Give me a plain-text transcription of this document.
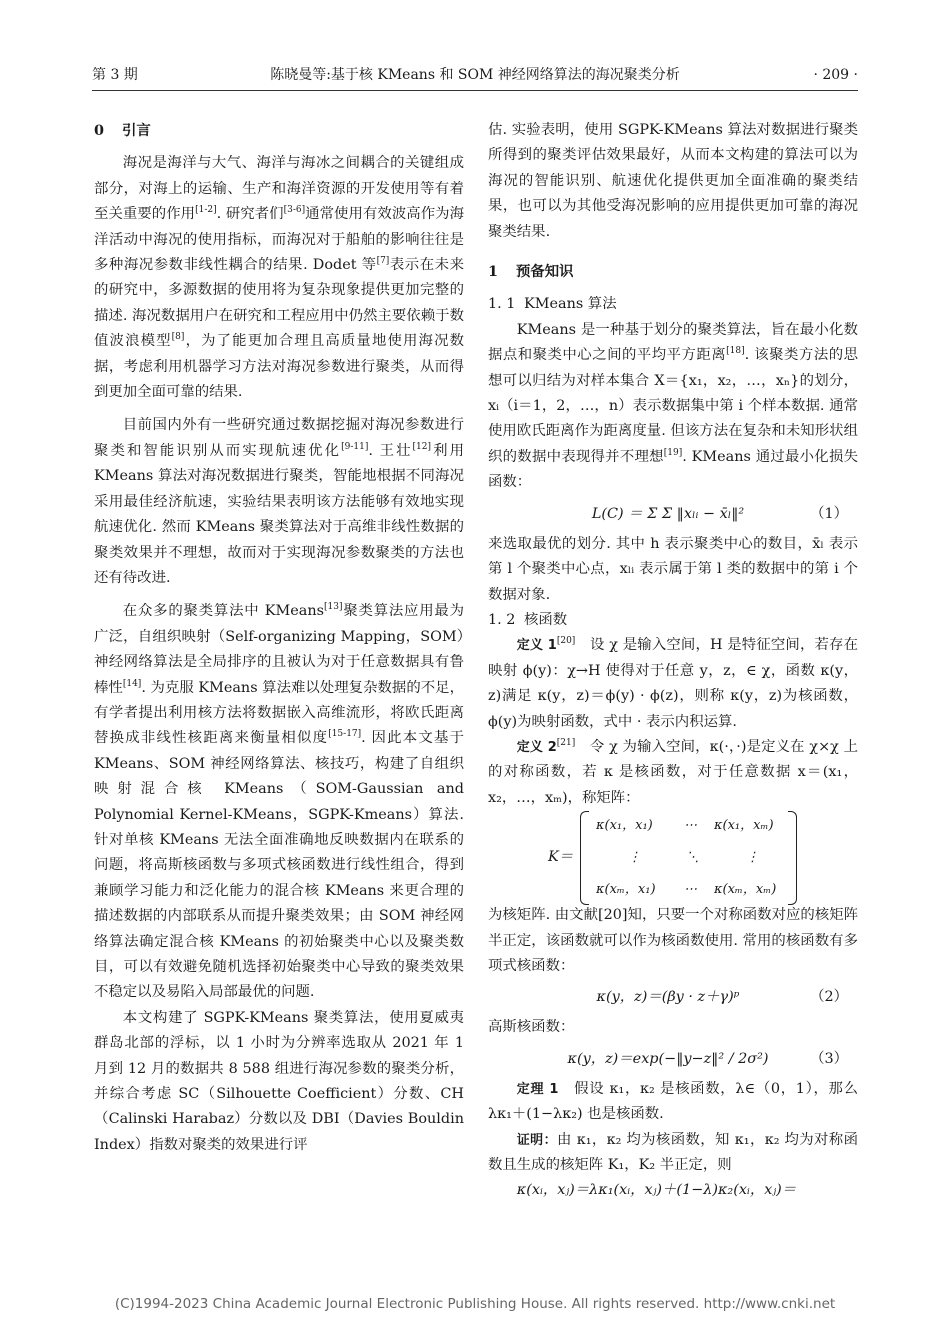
第 3 期	陈晓曼等:基于核 KMeans 和 SOM 神经网络算法的海况聚类分析	· 209 ·
0 引言

海况是海洋与大气、海洋与海冰之间耦合的关键组成部分，对海上的运输、生产和海洋资源的开发使用等有着至关重要的作用[1-2]. 研究者们[3-6]通常使用有效波高作为海洋活动中海况的使用指标，而海况对于船舶的影响往往是多种海况参数非线性耦合的结果. Dodet 等[7]表示在未来的研究中，多源数据的使用将为复杂现象提供更加完整的描述. 海况数据用户在研究和工程应用中仍然主要依赖于数值波浪模型[8]，为了能更加合理且高质量地使用海况数据，考虑利用机器学习方法对海况参数进行聚类，从而得到更加全面可靠的结果.

目前国内外有一些研究通过数据挖掘对海况参数进行聚类和智能识别从而实现航速优化[9-11]. 王壮[12]利用 KMeans 算法对海况数据进行聚类，智能地根据不同海况采用最佳经济航速，实验结果表明该方法能够有效地实现航速优化. 然而 KMeans 聚类算法对于高维非线性数据的聚类效果并不理想，故而对于实现海况参数聚类的方法也还有待改进.

在众多的聚类算法中 KMeans[13]聚类算法应用最为广泛，自组织映射（Self-organizing Mapping，SOM）神经网络算法是全局排序的且被认为对于任意数据具有鲁棒性[14]. 为克服 KMeans 算法难以处理复杂数据的不足，有学者提出利用核方法将数据嵌入高维流形，将欧氏距离替换成非线性核距离来衡量相似度[15-17]. 因此本文基于 KMeans、SOM 神经网络算法、核技巧，构建了自组织映射混合核 KMeans（SOM-Gaussian and Polynomial Kernel-KMeans，SGPK-Kmeans）算法. 针对单核 KMeans 无法全面准确地反映数据内在联系的问题，将高斯核函数与多项式核函数进行线性组合，得到兼顾学习能力和泛化能力的混合核 KMeans 来更合理的描述数据的内部联系从而提升聚类效果；由 SOM 神经网络算法确定混合核 KMeans 的初始聚类中心以及聚类数目，可以有效避免随机选择初始聚类中心导致的聚类效果不稳定以及易陷入局部最优的问题.

本文构建了 SGPK-KMeans 聚类算法，使用夏威夷群岛北部的浮标，以 1 小时为分辨率选取从 2021 年 1 月到 12 月的数据共 8 588 组进行海况参数的聚类分析，并综合考虑 SC（Silhouette Coefficient）分数、CH（Calinski Harabaz）分数以及 DBI（Davies Bouldin Index）指数对聚类的效果进行评

估. 实验表明，使用 SGPK-KMeans 算法对数据进行聚类所得到的聚类评估效果最好，从而本文构建的算法可以为海况的智能识别、航速优化提供更加全面准确的聚类结果，也可以为其他受海况影响的应用提供更加可靠的海况聚类结果.

1 预备知识
1. 1 KMeans 算法

KMeans 是一种基于划分的聚类算法，旨在最小化数据点和聚类中心之间的平均平方距离[18]. 该聚类方法的思想可以归结为对样本集合 X＝{x₁，x₂，…，xₙ}的划分，xᵢ（i＝1，2，…，n）表示数据集中第 i 个样本数据. 通常使用欧氏距离作为距离度量. 但该方法在复杂和未知形状组织的数据中表现得并不理想[19]. KMeans 通过最小化损失函数：

L(C) ＝ Σ Σ ‖xₗᵢ − x̄ₗ‖²	（1）

来选取最优的划分. 其中 h 表示聚类中心的数目，x̄ₗ 表示第 l 个聚类中心点，xₗᵢ 表示属于第 l 类的数据中的第 i 个数据对象.

1. 2 核函数

定义 1[20]　 设 χ 是输入空间，H 是特征空间，若存在映射 ϕ(y)：χ→H 使得对于任意 y，z，∈ χ，函数 κ(y，z)满足 κ(y，z)＝ϕ(y) · ϕ(z)，则称 κ(y，z)为核函数，ϕ(y)为映射函数，式中 · 表示内积运算.

定义 2[21]　 令 χ 为输入空间，κ(·，·)是定义在 χ×χ 上的对称函数，若 κ 是核函数，对于任意数据 x＝(x₁，x₂，…，xₘ)，称矩阵：

K＝
κ(x₁，x₁) ⋯ κ(x₁，xₘ)
⋮	⋱	⋮
κ(xₘ，x₁) ⋯ κ(xₘ，xₘ)

为核矩阵. 由文献[20]知，只要一个对称函数对应的核矩阵半正定，该函数就可以作为核函数使用. 常用的核函数有多项式核函数：

κ(y，z)＝(βy · z＋γ)ᵖ	（2）

高斯核函数：

κ(y，z)＝exp(−‖y−z‖² / 2σ²)	（3）

定理 1　 假设 κ₁，κ₂ 是核函数，λ∈（0，1），那么 λκ₁＋(1−λκ₂) 也是核函数.

证明：由 κ₁，κ₂ 均为核函数，知 κ₁，κ₂ 均为对称函数且生成的核矩阵 K₁，K₂ 半正定，则

κ(xᵢ，xⱼ)＝λκ₁(xᵢ，xⱼ)＋(1−λ)κ₂(xᵢ，xⱼ)＝

(C)1994-2023 China Academic Journal Electronic Publishing House. All rights reserved. http://www.cnki.net
